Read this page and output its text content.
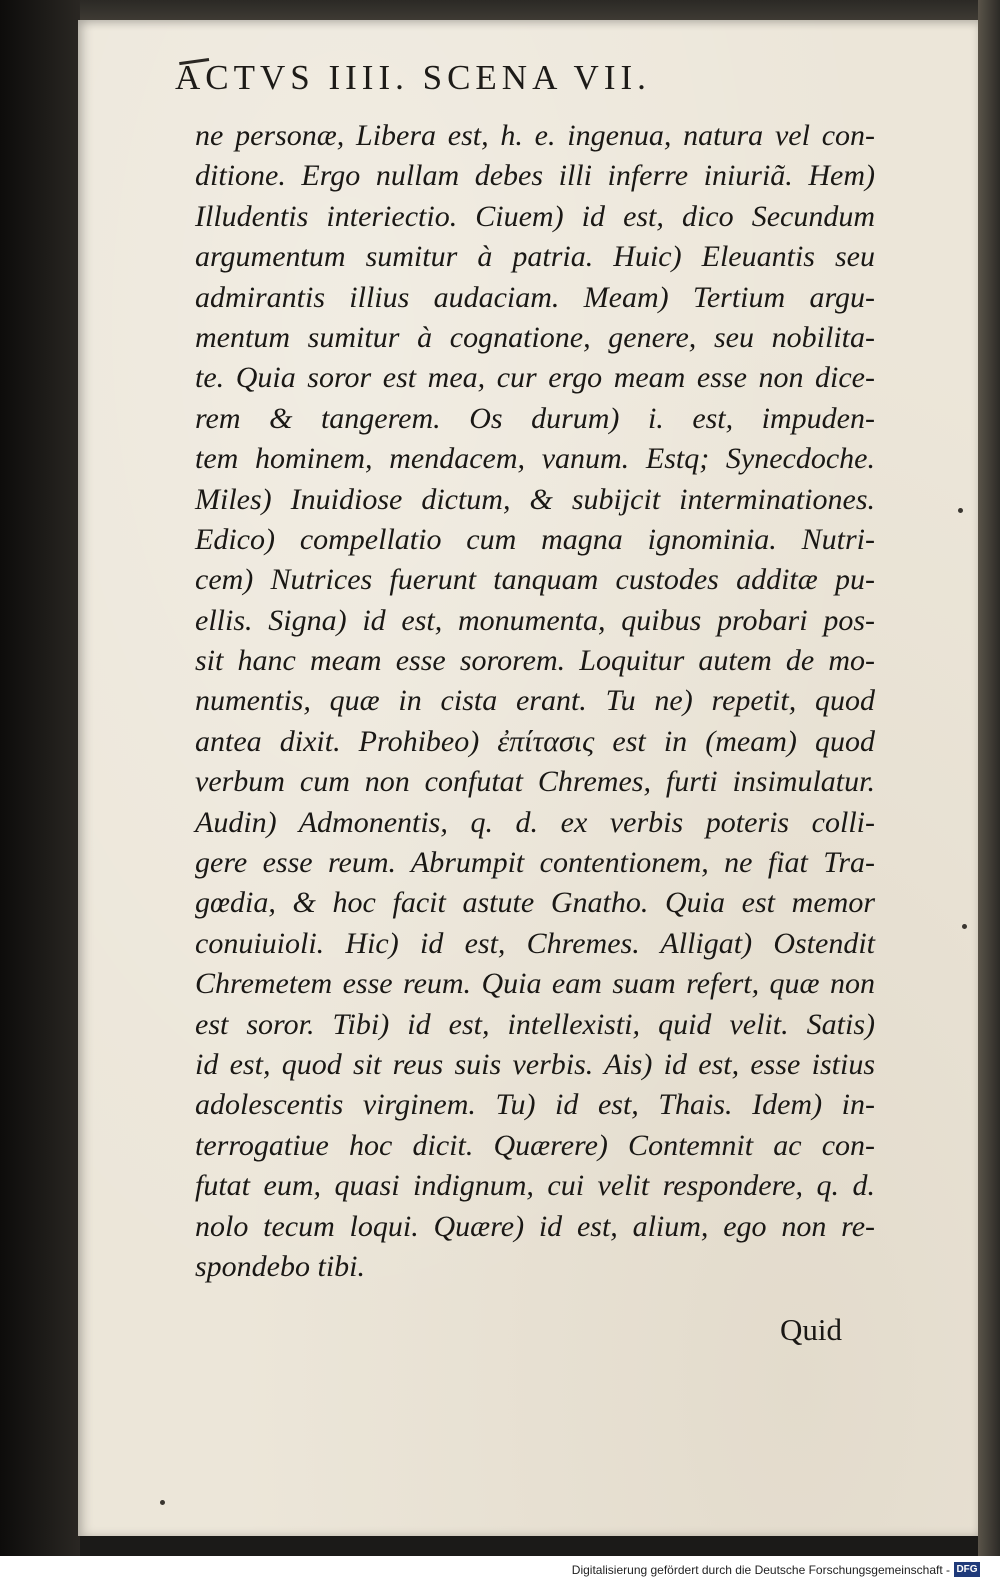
ACTVS IIII. SCENA VII.
ne personæ, Libera est, h. e. ingenua, natura vel con-
ditione. Ergo nullam debes illi inferre iniuriã. Hem)
Illudentis interiectio. Ciuem) id est, dico Secundum
argumentum sumitur à patria. Huic) Eleuantis seu
admirantis illius audaciam. Meam) Tertium argu-
mentum sumitur à cognatione, genere, seu nobilita-
te. Quia soror est mea, cur ergo meam esse non dice-
rem & tangerem. Os durum) i. est, impuden-
tem hominem, mendacem, vanum. Estq; Synecdoche.
Miles) Inuidiose dictum, & subijcit interminationes.
Edico) compellatio cum magna ignominia. Nutri-
cem) Nutrices fuerunt tanquam custodes additæ pu-
ellis. Signa) id est, monumenta, quibus probari pos-
sit hanc meam esse sororem. Loquitur autem de mo-
numentis, quæ in cista erant. Tu ne) repetit, quod
antea dixit. Prohibeo) ἐπίτασις est in (meam) quod
verbum cum non confutat Chremes, furti insimulatur.
Audin) Admonentis, q. d. ex verbis poteris colli-
gere esse reum. Abrumpit contentionem, ne fiat Tra-
gœdia, & hoc facit astute Gnatho. Quia est memor
conuiuioli. Hic) id est, Chremes. Alligat) Ostendit
Chremetem esse reum. Quia eam suam refert, quæ non
est soror. Tibi) id est, intellexisti, quid velit. Satis)
id est, quod sit reus suis verbis. Ais) id est, esse istius
adolescentis virginem. Tu) id est, Thais. Idem) in-
terrogatiue hoc dicit. Quærere) Contemnit ac con-
futat eum, quasi indignum, cui velit respondere, q. d.
nolo tecum loqui. Quære) id est, alium, ego non re-
spondebo tibi.
Quid
Digitalisierung gefördert durch die Deutsche Forschungsgemeinschaft - DFG
